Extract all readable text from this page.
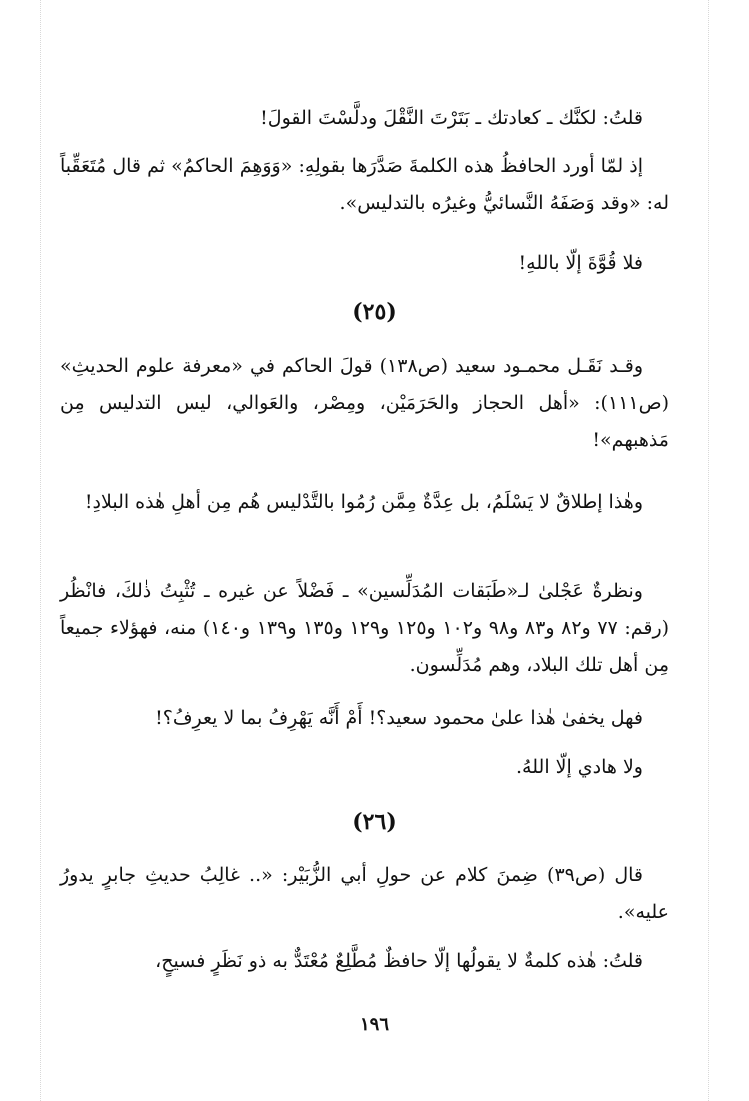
قلتُ: لكنَّك ـ كعادتك ـ بَتَرْتَ النَّقْلَ ودلَّسْتَ القولَ!

إذ لمّا أورد الحافظُ هذه الكلمةَ صَدَّرَها بقولِهِ: «وَوَهِمَ الحاكمُ» ثم قال مُتَعَقِّباً له: «وقد وَصَفَهُ النَّسائيُّ وغيرُه بالتدليس».

فلا قُوَّةَ إلّا باللهِ!

(٢٥)

وقـد نَقَـل محمـود سعيد (ص١٣٨) قولَ الحاكم في «معرفة علوم الحديثِ» (ص١١١): «أهل الحجاز والحَرَمَيْن، ومِصْر، والعَوالي، ليس التدليس مِن مَذهبهم»!

وهٰذا إطلاقٌ لا يَسْلَمُ، بل عِدَّةٌ مِمَّن رُمُوا بالتَّدْليس هُم مِن أهلِ هٰذه البلادِ!

ونظرةٌ عَجْلىٰ لـ«طَبَقات المُدَلِّسين» ـ فَضْلاً عن غيره ـ تُثْبِتُ ذٰلكَ، فانْظُر (رقم: ٧٧ و٨٢ و٨٣ و٩٨ و١٠٢ و١٢٥ و١٢٩ و١٣٥ و١٣٩ و١٤٠) منه، فهؤلاء جميعاً مِن أهل تلك البلاد، وهم مُدَلِّسون.

فهل يخفىٰ هٰذا علىٰ محمود سعيد؟! أَمْ أَنَّه يَهْرِفُ بما لا يعرِفُ؟!

ولا هادي إلّا اللهُ.

(٢٦)

قال (ص٣٩) ضِمنَ كلام عن حولِ أبي الزُّبَيْر: «.. غالِبُ حديثِ جابرٍ يدورُ عليه».

قلتُ: هٰذه كلمةٌ لا يقولُها إلّا حافظٌ مُطَّلِعٌ مُعْتَدٌّ به ذو نَظَرٍ فسيحٍ،

١٩٦
